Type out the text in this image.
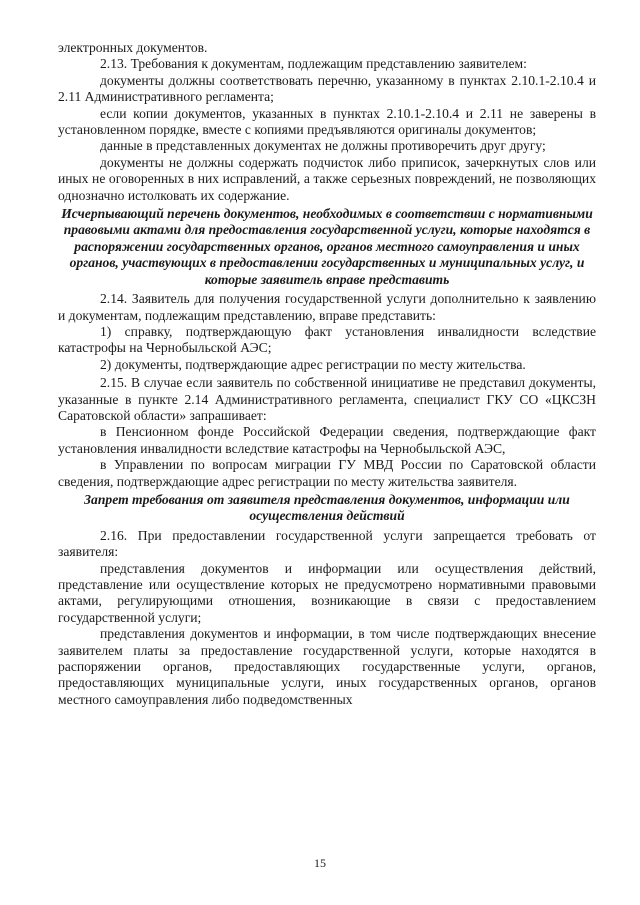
электронных документов.

2.13. Требования к документам, подлежащим представлению заявителем:

документы должны соответствовать перечню, указанному в пунктах 2.10.1-2.10.4 и 2.11 Административного регламента;

если копии документов, указанных в пунктах 2.10.1-2.10.4 и 2.11 не заверены в установленном порядке, вместе с копиями предъявляются оригиналы документов;

данные в представленных документах не должны противоречить друг другу;

документы не должны содержать подчисток либо приписок, зачеркнутых слов или иных не оговоренных в них исправлений, а также серьезных повреждений, не позволяющих однозначно истолковать их содержание.

Исчерпывающий перечень документов, необходимых в соответствии с нормативными правовыми актами для предоставления государственной услуги, которые находятся в распоряжении государственных органов, органов местного самоуправления и иных органов, участвующих в предоставлении государственных и муниципальных услуг, и которые заявитель вправе представить

2.14. Заявитель для получения государственной услуги дополнительно к заявлению и документам, подлежащим представлению, вправе представить:

1) справку, подтверждающую факт установления инвалидности вследствие катастрофы на Чернобыльской АЭС;

2) документы, подтверждающие адрес регистрации по месту жительства.

2.15. В случае если заявитель по собственной инициативе не представил документы, указанные в пункте 2.14 Административного регламента, специалист ГКУ СО «ЦКСЗН Саратовской области» запрашивает:

в Пенсионном фонде Российской Федерации сведения, подтверждающие факт установления инвалидности вследствие катастрофы на Чернобыльской АЭС,

в Управлении по вопросам миграции ГУ МВД России по Саратовской области сведения, подтверждающие адрес регистрации по месту жительства заявителя.

Запрет требования от заявителя представления документов, информации или осуществления действий

2.16. При предоставлении государственной услуги запрещается требовать от заявителя:

представления документов и информации или осуществления действий, представление или осуществление которых не предусмотрено нормативными правовыми актами, регулирующими отношения, возникающие в связи с предоставлением государственной услуги;

представления документов и информации, в том числе подтверждающих внесение заявителем платы за предоставление государственной услуги, которые находятся в распоряжении органов, предоставляющих государственные услуги, органов, предоставляющих муниципальные услуги, иных государственных органов, органов местного самоуправления либо подведомственных

15
